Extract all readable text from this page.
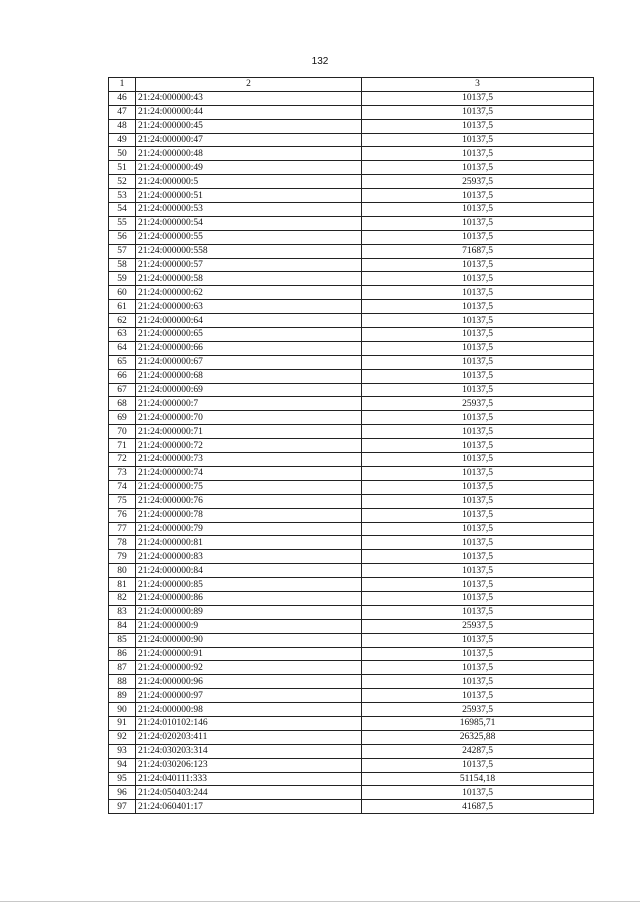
132
1	2	3
46	21:24:000000:43	10137,5
47	21:24:000000:44	10137,5
48	21:24:000000:45	10137,5
49	21:24:000000:47	10137,5
50	21:24:000000:48	10137,5
51	21:24:000000:49	10137,5
52	21:24:000000:5	25937,5
53	21:24:000000:51	10137,5
54	21:24:000000:53	10137,5
55	21:24:000000:54	10137,5
56	21:24:000000:55	10137,5
57	21:24:000000:558	71687,5
58	21:24:000000:57	10137,5
59	21:24:000000:58	10137,5
60	21:24:000000:62	10137,5
61	21:24:000000:63	10137,5
62	21:24:000000:64	10137,5
63	21:24:000000:65	10137,5
64	21:24:000000:66	10137,5
65	21:24:000000:67	10137,5
66	21:24:000000:68	10137,5
67	21:24:000000:69	10137,5
68	21:24:000000:7	25937,5
69	21:24:000000:70	10137,5
70	21:24:000000:71	10137,5
71	21:24:000000:72	10137,5
72	21:24:000000:73	10137,5
73	21:24:000000:74	10137,5
74	21:24:000000:75	10137,5
75	21:24:000000:76	10137,5
76	21:24:000000:78	10137,5
77	21:24:000000:79	10137,5
78	21:24:000000:81	10137,5
79	21:24:000000:83	10137,5
80	21:24:000000:84	10137,5
81	21:24:000000:85	10137,5
82	21:24:000000:86	10137,5
83	21:24:000000:89	10137,5
84	21:24:000000:9	25937,5
85	21:24:000000:90	10137,5
86	21:24:000000:91	10137,5
87	21:24:000000:92	10137,5
88	21:24:000000:96	10137,5
89	21:24:000000:97	10137,5
90	21:24:000000:98	25937,5
91	21:24:010102:146	16985,71
92	21:24:020203:411	26325,88
93	21:24:030203:314	24287,5
94	21:24:030206:123	10137,5
95	21:24:040111:333	51154,18
96	21:24:050403:244	10137,5
97	21:24:060401:17	41687,5
